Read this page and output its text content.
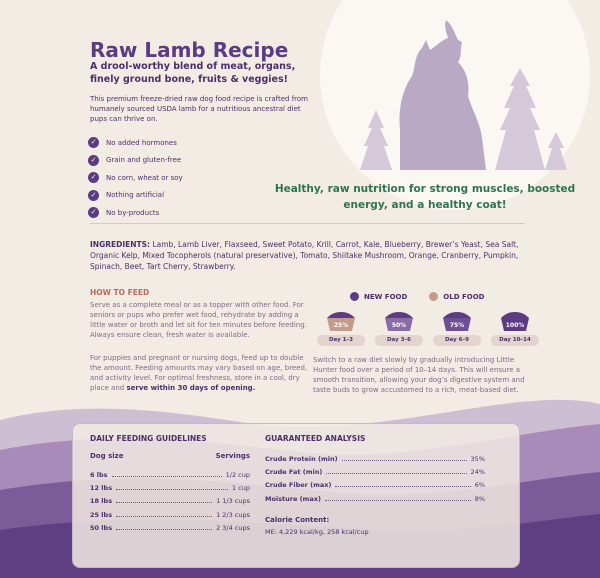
Raw Lamb Recipe
A drool-worthy blend of meat, organs, finely ground bone, fruits & veggies!
This premium freeze-dried raw dog food recipe is crafted from humanely sourced USDA lamb for a nutritious ancestral diet pups can thrive on.
✓	No added hormones
✓	Grain and gluten-free
✓	No corn, wheat or soy
✓	Nothing artificial
✓	No by-products
Healthy, raw nutrition for strong muscles, boosted energy, and a healthy coat!
INGREDIENTS: Lamb, Lamb Liver, Flaxseed, Sweet Potato, Krill, Carrot, Kale, Blueberry, Brewer’s Yeast, Sea Salt, Organic Kelp, Mixed Tocopherols (natural preservative), Tomato, Shiitake Mushroom, Orange, Cranberry, Pumpkin, Spinach, Beet, Tart Cherry, Strawberry.
HOW TO FEED
Serve as a complete meal or as a topper with other food. For seniors or pups who prefer wet food, rehydrate by adding a little water or broth and let sit for ten minutes before feeding. Always ensure clean, fresh water is available.
For puppies and pregnant or nursing dogs, feed up to double the amount. Feeding amounts may vary based on age, breed, and activity level. For optimal freshness, store in a cool, dry place and serve within 30 days of opening.
NEW FOOD	OLD FOOD
25%
Day 1–3
50%
Day 3–6
75%
Day 6–9
100%
Day 10–14
Switch to a raw diet slowly by gradually introducing Little Hunter food over a period of 10–14 days. This will ensure a smooth transition, allowing your dog’s digestive system and taste buds to grow accustomed to a rich, meat-based diet.
DAILY FEEDING GUIDELINES
Dog size	Servings
6 lbs	1/2 cup
12 lbs	1 cup
18 lbs	1 1/3 cups
25 lbs	1 2/3 cups
50 lbs	2 3/4 cups
GUARANTEED ANALYSIS
Crude Protein (min)	35%
Crude Fat (min)	24%
Crude Fiber (max)	6%
Moisture (max)	8%
Calorie Content:
ME: 4,229 kcal/kg, 258 kcal/cup
